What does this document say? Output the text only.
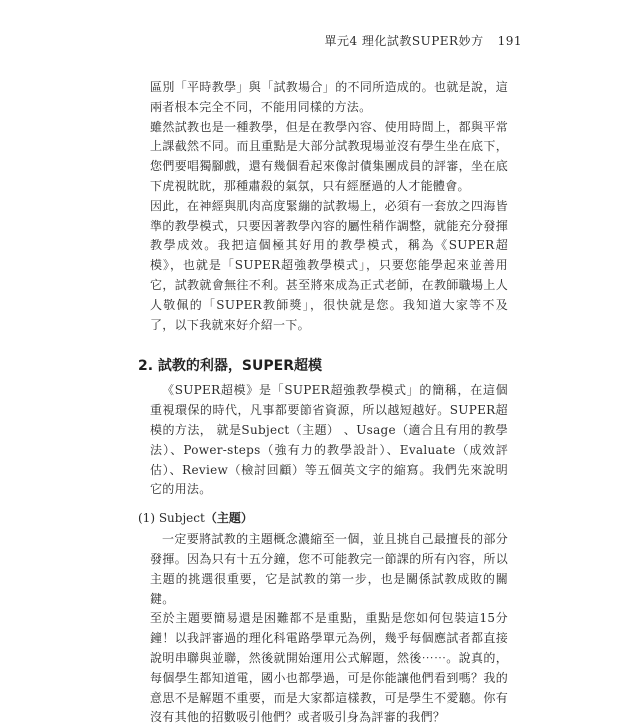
單元4 理化試教SUPER妙方 191

區別「平時教學」與「試教場合」的不同所造成的。也就是說，這兩者根本完全不同，不能用同樣的方法。

雖然試教也是一種教學，但是在教學內容、使用時間上，都與平常上課截然不同。而且重點是大部分試教現場並沒有學生坐在底下，您們要唱獨腳戲，還有幾個看起來像討債集團成員的評審，坐在底下虎視眈眈，那種肅殺的氣氛，只有經歷過的人才能體會。

因此，在神經與肌肉高度緊繃的試教場上，必須有一套放之四海皆準的教學模式，只要因著教學內容的屬性稍作調整，就能充分發揮教學成效。我把這個極其好用的教學模式，稱為《SUPER超模》，也就是「SUPER超強教學模式」，只要您能學起來並善用它，試教就會無往不利。甚至將來成為正式老師，在教師職場上人人敬佩的「SUPER教師獎」，很快就是您。我知道大家等不及了，以下我就來好介紹一下。

2. 試教的利器，SUPER超模

《SUPER超模》是「SUPER超強教學模式」的簡稱，在這個重視環保的時代，凡事都要節省資源，所以越短越好。SUPER超模的方法， 就是Subject（主題） 、Usage（適合且有用的教學法）、Power-steps（強有力的教學設計）、Evaluate（成效評估）、Review（檢討回顧）等五個英文字的縮寫。我們先來說明它的用法。

(1) Subject（主題）

一定要將試教的主題概念濃縮至一個，並且挑自己最擅長的部分發揮。因為只有十五分鐘，您不可能教完一節課的所有內容，所以主題的挑選很重要，它是試教的第一步，也是關係試教成敗的關鍵。

至於主題要簡易還是困難都不是重點，重點是您如何包裝這15分鐘！以我評審過的理化科電路學單元為例，幾乎每個應試者都直接說明串聯與並聯，然後就開始運用公式解題，然後⋯⋯。說真的，每個學生都知道電，國小也都學過，可是你能讓他們看到嗎？我的意思不是解題不重要，而是大家都這樣教，可是學生不愛聽。你有沒有其他的招數吸引他們？或者吸引身為評審的我們？
